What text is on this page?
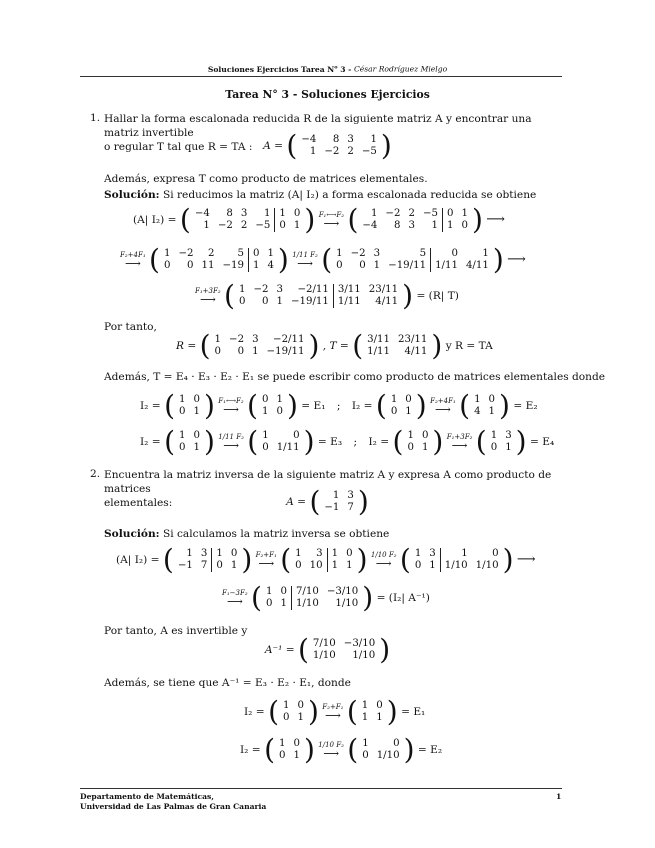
Soluciones Ejercicios Tarea $N^o$ 3 - César Rodríguez Mielgo
Tarea N° 3 - Soluciones Ejercicios
1. Hallar la forma escalonada reducida R de la siguiente matriz A y encontrar una matriz invertible
o regular T tal que R = TA :	A = ( −4	8	3	1
1	−2	2	−5 )
Además, expresa T como producto de matrices elementales.
Solución: Si reducimos la matriz (A| I₂) a forma escalonada reducida se obtiene
(A| I₂) = ( −4	8	3	1	1	0
1	−2	2	−5	0	1 ) F₁⟷F₂
⟶ ( 1	−2	2	−5	0	1
−4	8	3	1	1	0 ) ⟶
F₂+4F₁
⟶ ( 1	−2	2	5	0	1
0	0	11	−19	1	4 ) 1/11 F₂
⟶ ( 1	−2	3	5	0	1
0	0	1	−19/11	1/11	4/11 ) ⟶
F₁+3F₂
⟶ ( 1	−2	3	−2/11	3/11	23/11
0	0	1	−19/11	1/11	4/11 ) = (R| T)
Por tanto,
R = ( 1	−2	3	−2/11
0	0	1	−19/11 ) , T = ( 3/11	23/11
1/11	4/11 ) y R = TA
Además, T = E₄ · E₃ · E₂ · E₁ se puede escribir como producto de matrices elementales donde
I₂ = ( 1	0
0	1 ) F₁⟷F₂
⟶ ( 0	1
1	0 ) = E₁ ; I₂ = ( 1	0
0	1 ) F₂+4F₁
⟶ ( 1	0
4	1 ) = E₂
I₂ = ( 1	0
0	1 ) 1/11 F₂
⟶ ( 1	0
0	1/11 ) = E₃ ; I₂ = ( 1	0
0	1 ) F₁+3F₂
⟶ ( 1	3
0	1 ) = E₄
2. Encuentra la matriz inversa de la siguiente matriz A y expresa A como producto de matrices
elementales:	A = ( 1	3
−1	7 )
Solución: Si calculamos la matriz inversa se obtiene
(A| I₂) = ( 1	3	1	0
−1	7	0	1 ) F₂+F₁
⟶ ( 1	3	1	0
0	10	1	1 ) 1/10 F₂
⟶ ( 1	3	1	0
0	1	1/10	1/10 ) ⟶
F₁−3F₂
⟶ ( 1	0	7/10	−3/10
0	1	1/10	1/10 ) = (I₂| A⁻¹)
Por tanto, A es invertible y
A⁻¹ = ( 7/10	−3/10
1/10	1/10 )
Además, se tiene que A⁻¹ = E₃ · E₂ · E₁, donde
I₂ = ( 1	0
0	1 ) F₂+F₁
⟶ ( 1	0
1	1 ) = E₁
I₂ = ( 1	0
0	1 ) 1/10 F₂
⟶ ( 1	0
0	1/10 ) = E₂
Departamento de Matemáticas,
Universidad de Las Palmas de Gran Canaria
1
